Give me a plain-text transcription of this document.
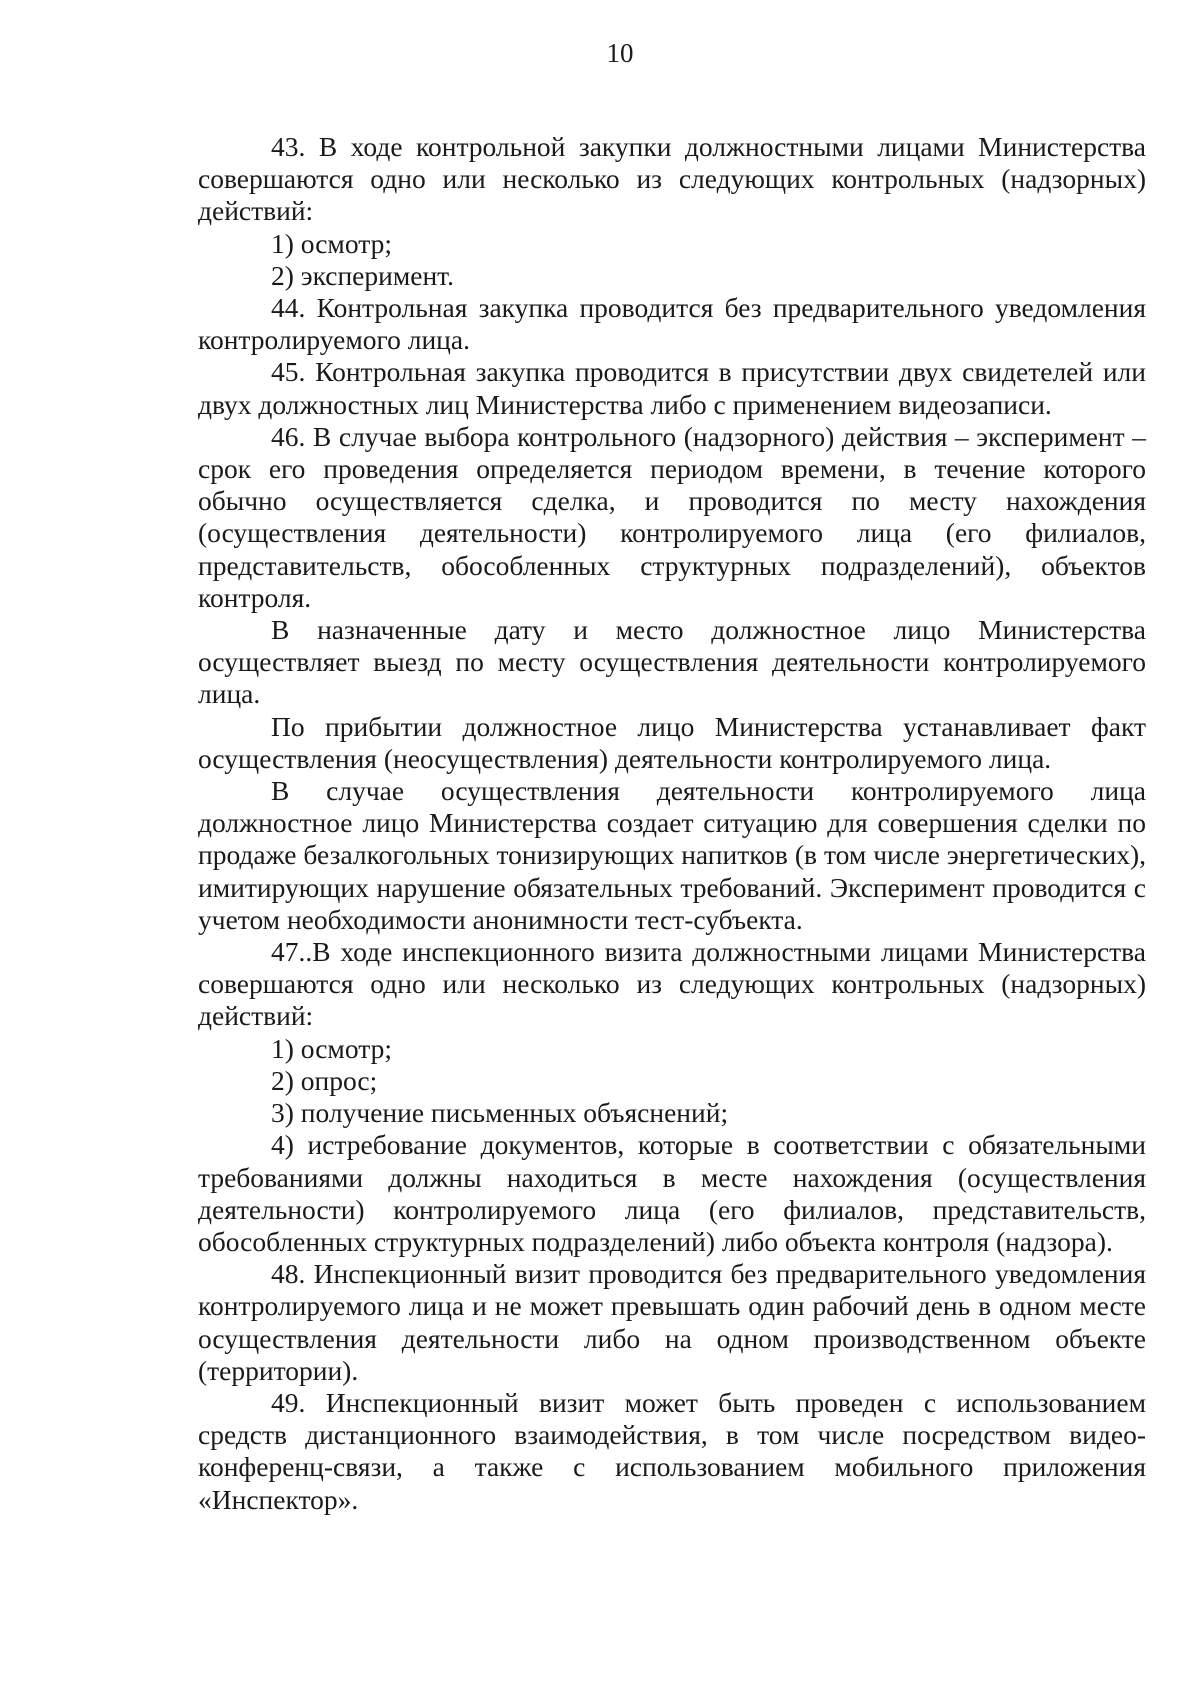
10

43. В ходе контрольной закупки должностными лицами Министерства совершаются одно или несколько из следующих контрольных (надзорных) действий:

1) осмотр;

2) эксперимент.

44. Контрольная закупка проводится без предварительного уведомления контролируемого лица.

45. Контрольная закупка проводится в присутствии двух свидетелей или двух должностных лиц Министерства либо с применением видеозаписи.

46. В случае выбора контрольного (надзорного) действия – эксперимент – срок его проведения определяется периодом времени, в течение которого обычно осуществляется сделка, и проводится по месту нахождения (осуществления деятельности) контролируемого лица (его филиалов, представительств, обособленных структурных подразделений), объектов контроля.

В назначенные дату и место должностное лицо Министерства осуществляет выезд по месту осуществления деятельности контролируемого лица.

По прибытии должностное лицо Министерства устанавливает факт осуществления (неосуществления) деятельности контролируемого лица.

В случае осуществления деятельности контролируемого лица должностное лицо Министерства создает ситуацию для совершения сделки по продаже безалкогольных тонизирующих напитков (в том числе энергетических), имитирующих нарушение обязательных требований. Эксперимент проводится с учетом необходимости анонимности тест-субъекта.

47..В ходе инспекционного визита должностными лицами Министерства совершаются одно или несколько из следующих контрольных (надзорных) действий:

1) осмотр;

2) опрос;

3) получение письменных объяснений;

4) истребование документов, которые в соответствии с обязательными требованиями должны находиться в месте нахождения (осуществления деятельности) контролируемого лица (его филиалов, представительств, обособленных структурных подразделений) либо объекта контроля (надзора).

48. Инспекционный визит проводится без предварительного уведомления контролируемого лица и не может превышать один рабочий день в одном месте осуществления деятельности либо на одном производственном объекте (территории).

49. Инспекционный визит может быть проведен с использованием средств дистанционного взаимодействия, в том числе посредством видео-конференц-связи, а также с использованием мобильного приложения «Инспектор».
